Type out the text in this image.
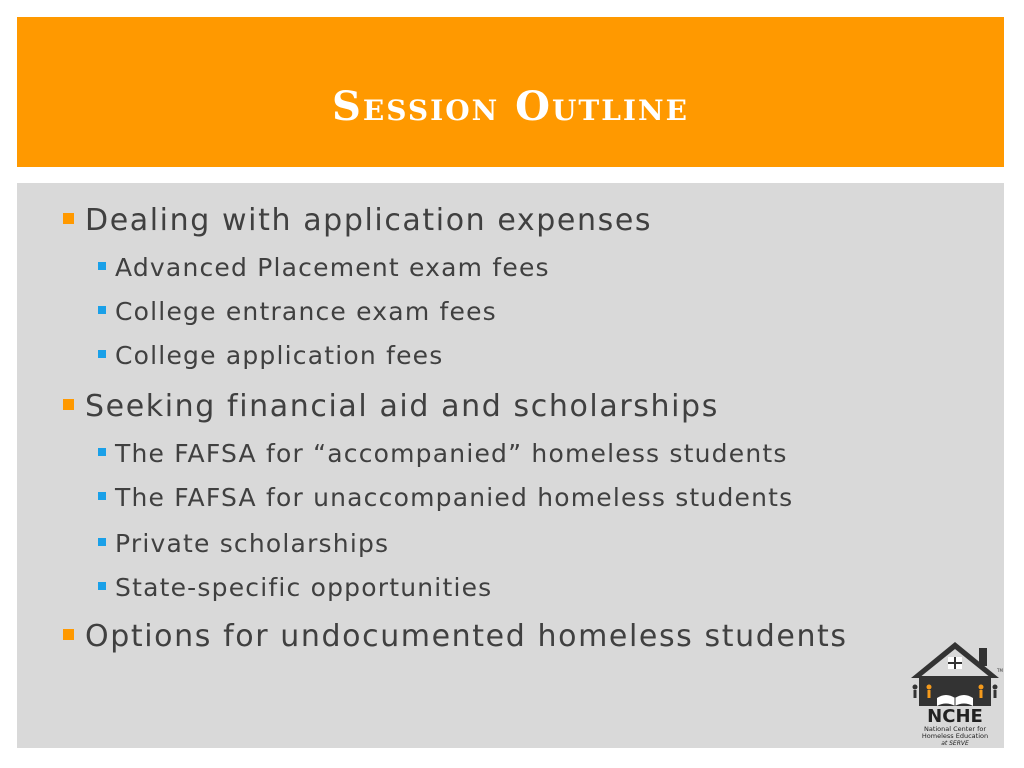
Session Outline
Dealing with application expenses
Advanced Placement exam fees
College entrance exam fees
College application fees
Seeking financial aid and scholarships
The FAFSA for “accompanied” homeless students
The FAFSA for unaccompanied homeless students
Private scholarships
State-specific opportunities
Options for undocumented homeless students
NCHE
TM
National Center for
Homeless Education
at SERVE
